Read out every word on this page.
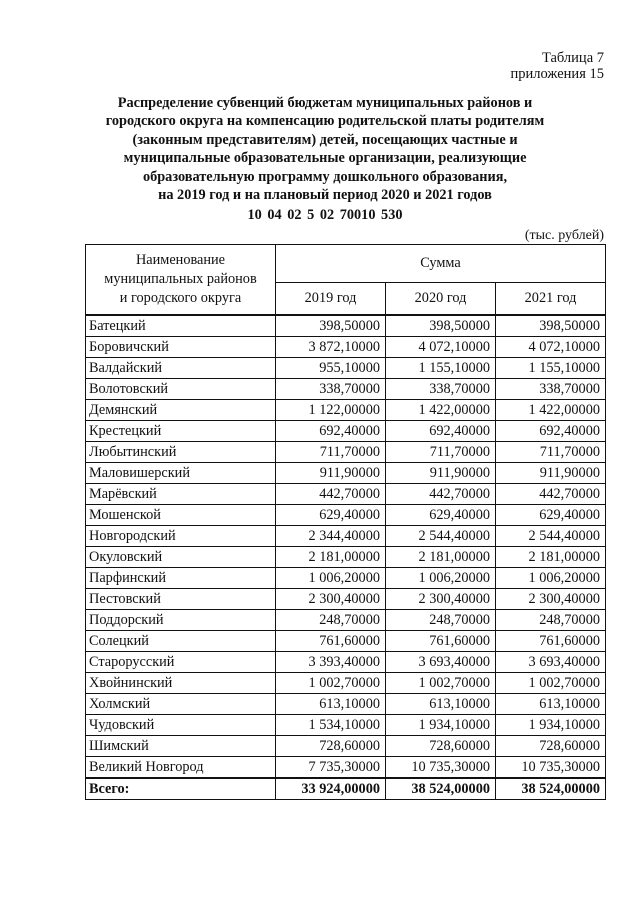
Таблица 7
приложения 15
Распределение субвенций бюджетам муниципальных районов и
городского округа на компенсацию родительской платы родителям
(законным представителям) детей, посещающих частные и
муниципальные образовательные организации, реализующие
образовательную программу дошкольного образования,
на 2019 год и на плановый период 2020 и 2021 годов
10 04 02 5 02 70010 530
(тыс. рублей)
Наименование
муниципальных районов
и городского округа	Сумма		
	2019 год	2020 год	2021 год
Батецкий	398,50000	398,50000	398,50000
Боровичский	3 872,10000	4 072,10000	4 072,10000
Валдайский	955,10000	1 155,10000	1 155,10000
Волотовский	338,70000	338,70000	338,70000
Демянский	1 122,00000	1 422,00000	1 422,00000
Крестецкий	692,40000	692,40000	692,40000
Любытинский	711,70000	711,70000	711,70000
Маловишерский	911,90000	911,90000	911,90000
Марёвский	442,70000	442,70000	442,70000
Мошенской	629,40000	629,40000	629,40000
Новгородский	2 344,40000	2 544,40000	2 544,40000
Окуловский	2 181,00000	2 181,00000	2 181,00000
Парфинский	1 006,20000	1 006,20000	1 006,20000
Пестовский	2 300,40000	2 300,40000	2 300,40000
Поддорский	248,70000	248,70000	248,70000
Солецкий	761,60000	761,60000	761,60000
Старорусский	3 393,40000	3 693,40000	3 693,40000
Хвойнинский	1 002,70000	1 002,70000	1 002,70000
Холмский	613,10000	613,10000	613,10000
Чудовский	1 534,10000	1 934,10000	1 934,10000
Шимский	728,60000	728,60000	728,60000
Великий Новгород	7 735,30000	10 735,30000	10 735,30000
Всего:	33 924,00000	38 524,00000	38 524,00000
